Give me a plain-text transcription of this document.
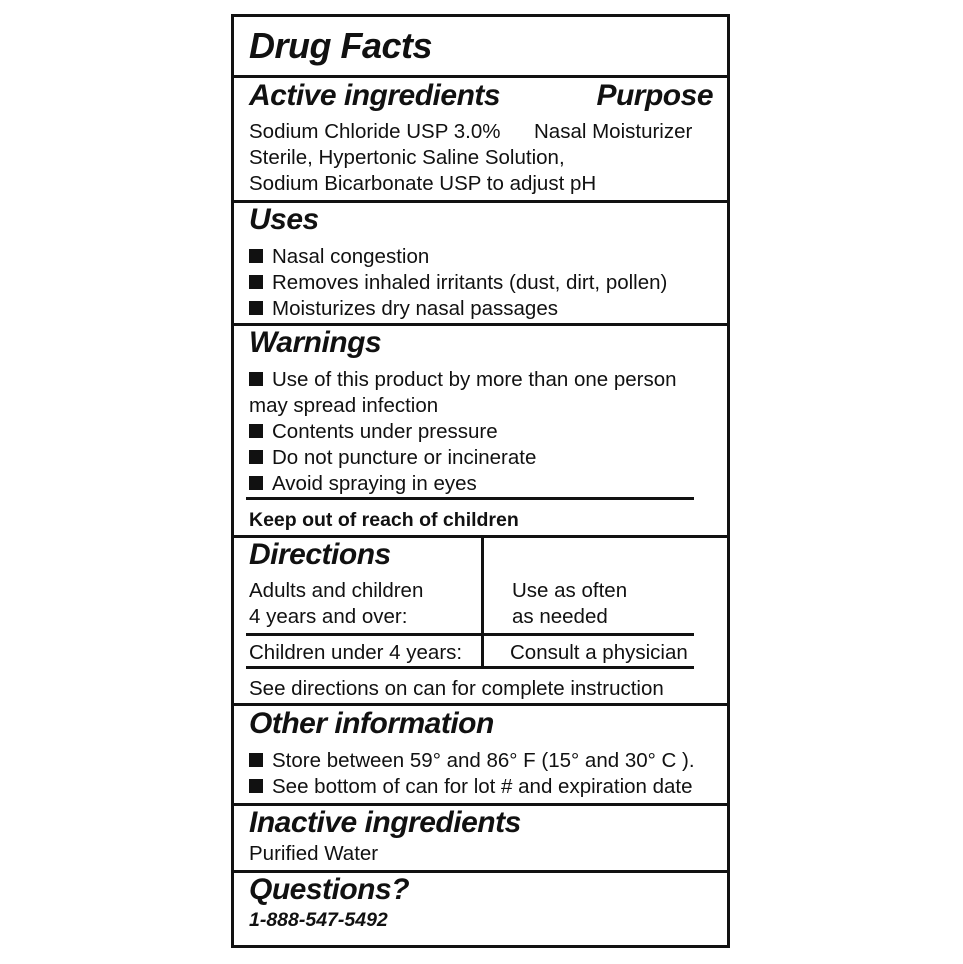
Drug Facts
Active ingredients	Purpose
Sodium Chloride USP 3.0% Nasal Moisturizer
Sterile, Hypertonic Saline Solution,
Sodium Bicarbonate USP to adjust pH
Uses
Nasal congestion
Removes inhaled irritants (dust, dirt, pollen)
Moisturizes dry nasal passages
Warnings
Use of this product by more than one person
may spread infection
Contents under pressure
Do not puncture or incinerate
Avoid spraying in eyes
Keep out of reach of children
Directions
Adults and children
4 years and over:
Use as often
as needed
Children under 4 years: Consult a physician
See directions on can for complete instruction
Other information
Store between 59° and 86° F (15° and 30° C ).
See bottom of can for lot # and expiration date
Inactive ingredients
Purified Water
Questions?
1-888-547-5492
